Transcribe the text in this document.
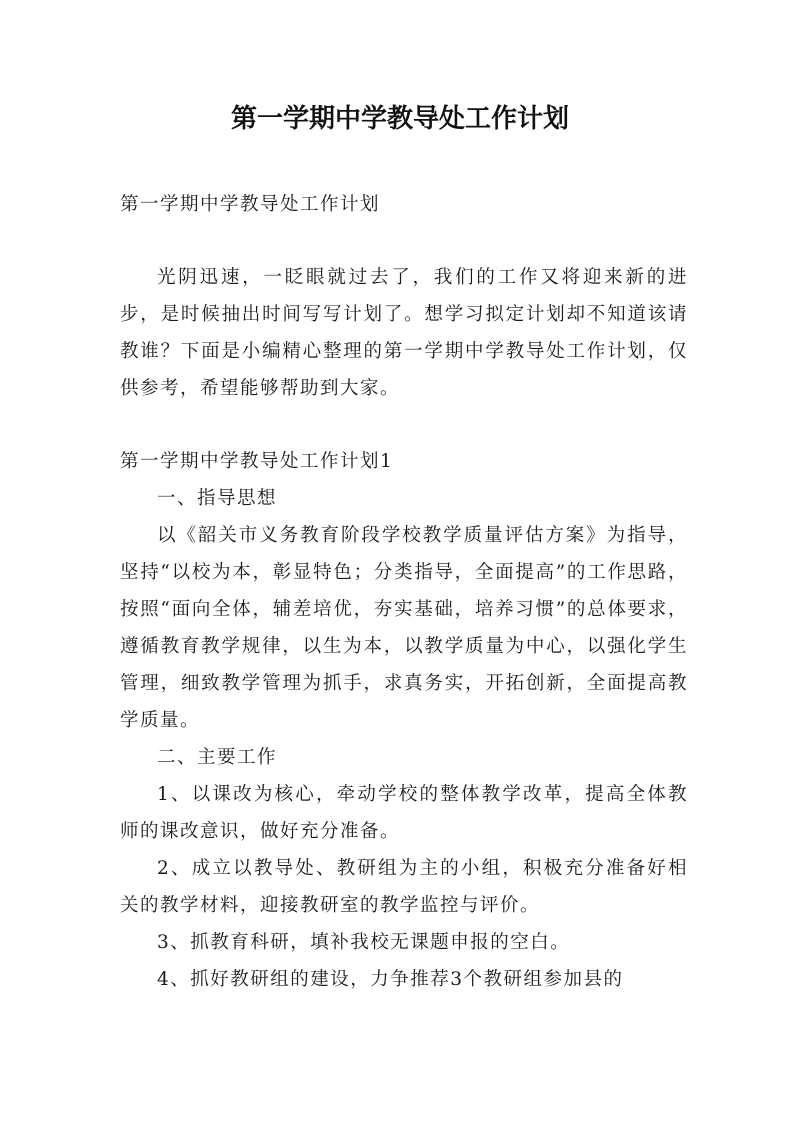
第一学期中学教导处工作计划

第一学期中学教导处工作计划

光阴迅速，一眨眼就过去了，我们的工作又将迎来新的进步，是时候抽出时间写写计划了。想学习拟定计划却不知道该请教谁？下面是小编精心整理的第一学期中学教导处工作计划，仅供参考，希望能够帮助到大家。

第一学期中学教导处工作计划1

一、指导思想

以《韶关市义务教育阶段学校教学质量评估方案》为指导，坚持“以校为本，彰显特色；分类指导，全面提高”的工作思路，按照“面向全体，辅差培优，夯实基础，培养习惯”的总体要求，遵循教育教学规律，以生为本，以教学质量为中心，以强化学生管理，细致教学管理为抓手，求真务实，开拓创新，全面提高教学质量。

二、主要工作

1、以课改为核心，牵动学校的整体教学改革，提高全体教师的课改意识，做好充分准备。

2、成立以教导处、教研组为主的小组，积极充分准备好相关的教学材料，迎接教研室的教学监控与评价。

3、抓教育科研，填补我校无课题申报的空白。

4、抓好教研组的建设，力争推荐3个教研组参加县的
